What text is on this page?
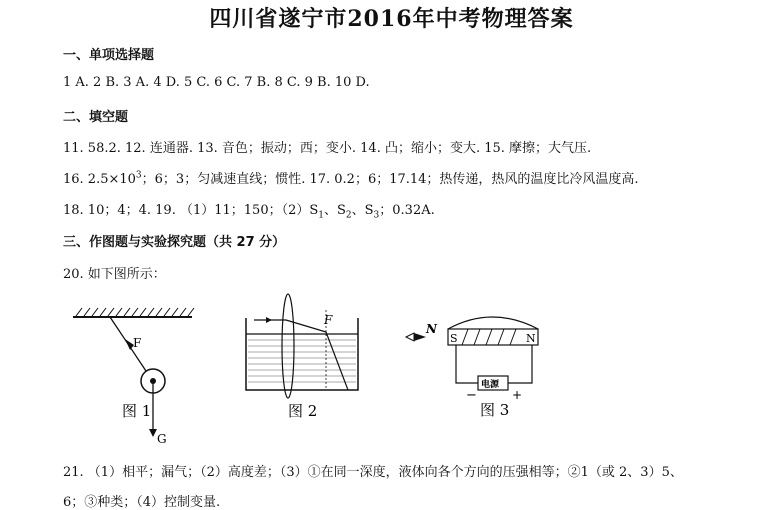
四川省遂宁市2016年中考物理答案
一、单项选择题
1 A. 2 B. 3 A. 4 D. 5 C. 6 C. 7 B. 8 C. 9 B. 10 D.
二、填空题
11. 58.2. 12. 连通器. 13. 音色；振动；西；变小. 14. 凸；缩小；变大. 15. 摩擦；大气压.
16. $2.5\times 10^3$；6；3；匀减速直线；惯性. 17. 0.2；6；17.14；热传递，热风的温度比冷风温度高.
18. 10；4；4. 19. （1）11；150；$(2)S_1$、$S_2$、$S_3$；0.32A.
三、作图题与实验探究题（共 27 分）
20. 如下图所示：
F
G
图 1
F
图 2
N
S	N
电源
−	+
图 3
21. （1）相平；漏气；（2）高度差；（3）①在同一深度，液体向各个方向的压强相等；②1（或 2、3）5、
6；③种类；（4）控制变量.
